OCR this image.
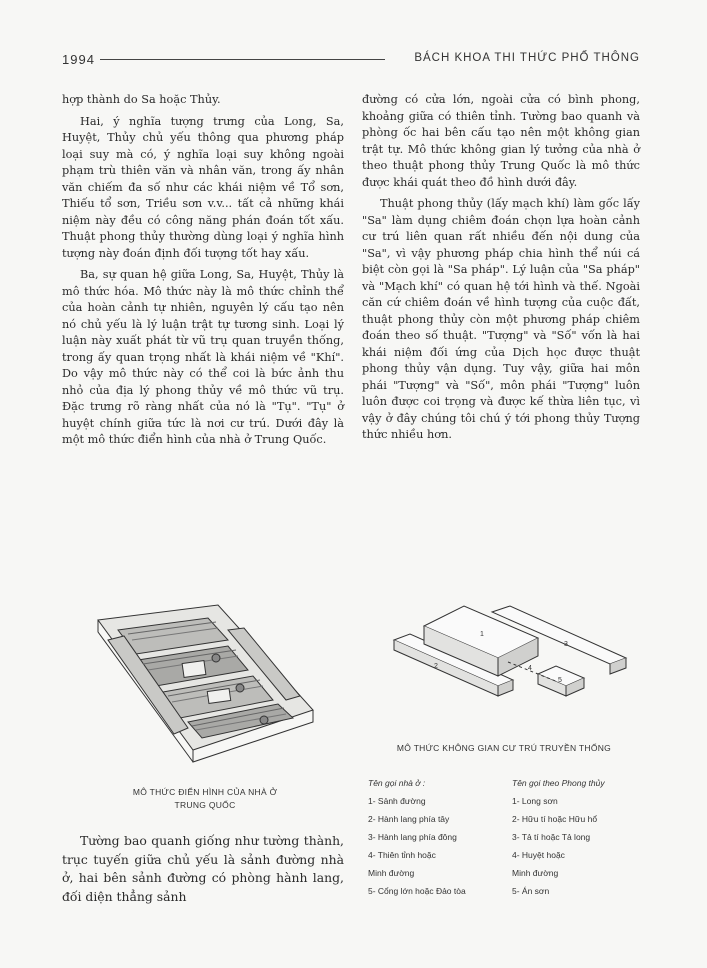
1994	BÁCH KHOA THI THỨC PHỔ THÔNG

hợp thành do Sa hoặc Thủy.

Hai, ý nghĩa tượng trưng của Long, Sa, Huyệt, Thủy chủ yếu thông qua phương pháp loại suy mà có, ý nghĩa loại suy không ngoài phạm trù thiên văn và nhân văn, trong ấy nhân văn chiếm đa số như các khái niệm về Tổ sơn, Thiếu tổ sơn, Triều sơn v.v... tất cả những khái niệm này đều có công năng phán đoán tốt xấu. Thuật phong thủy thường dùng loại ý nghĩa hình tượng này đoán định đối tượng tốt hay xấu.

Ba, sự quan hệ giữa Long, Sa, Huyệt, Thủy là mô thức hóa. Mô thức này là mô thức chỉnh thể của hoàn cảnh tự nhiên, nguyên lý cấu tạo nên nó chủ yếu là lý luận trật tự tương sinh. Loại lý luận này xuất phát từ vũ trụ quan truyền thống, trong ấy quan trọng nhất là khái niệm về "Khí". Do vậy mô thức này có thể coi là bức ảnh thu nhỏ của địa lý phong thủy về mô thức vũ trụ. Đặc trưng rõ ràng nhất của nó là "Tụ". "Tụ" ở huyệt chính giữa tức là nơi cư trú. Dưới đây là một mô thức điển hình của nhà ở Trung Quốc.

đường có cửa lớn, ngoài cửa có bình phong, khoảng giữa có thiên tỉnh. Tường bao quanh và phòng ốc hai bên cấu tạo nên một không gian trật tự. Mô thức không gian lý tưởng của nhà ở theo thuật phong thủy Trung Quốc là mô thức được khái quát theo đồ hình dưới đây.

Thuật phong thủy (lấy mạch khí) làm gốc lấy "Sa" làm dụng chiêm đoán chọn lựa hoàn cảnh cư trú liên quan rất nhiều đến nội dung của "Sa", vì vậy phương pháp chia hình thể núi cá biệt còn gọi là "Sa pháp". Lý luận của "Sa pháp" và "Mạch khí" có quan hệ tới hình và thế. Ngoài căn cứ chiêm đoán về hình tượng của cuộc đất, thuật phong thủy còn một phương pháp chiêm đoán theo số thuật. "Tượng" và "Số" vốn là hai khái niệm đối ứng của Dịch học được thuật phong thủy vận dụng. Tuy vậy, giữa hai môn phái "Tượng" và "Số", môn phái "Tượng" luôn luôn được coi trọng và được kế thừa liên tục, vì vậy ở đây chúng tôi chú ý tới phong thủy Tượng thức nhiều hơn.

MÔ THỨC ĐIỂN HÌNH CỦA NHÀ Ở
TRUNG QUỐC
1
2
3
4
5
MÔ THỨC KHÔNG GIAN CƯ TRÚ TRUYỀN THỐNG
Tên gọi nhà ở :
1- Sảnh đường
2- Hành lang phía tây
3- Hành lang phía đông
4- Thiên tỉnh hoặc
Minh đường
5- Cổng lớn hoặc Đảo tòa
Tên gọi theo Phong thủy
1- Long sơn
2- Hữu tí hoặc Hữu hổ
3- Tả tí hoặc Tả long
4- Huyệt hoặc
Minh đường
5- Án sơn

Tường bao quanh giống như tường thành, trục tuyến giữa chủ yếu là sảnh đường nhà ở, hai bên sảnh đường có phòng hành lang, đối diện thẳng sảnh
